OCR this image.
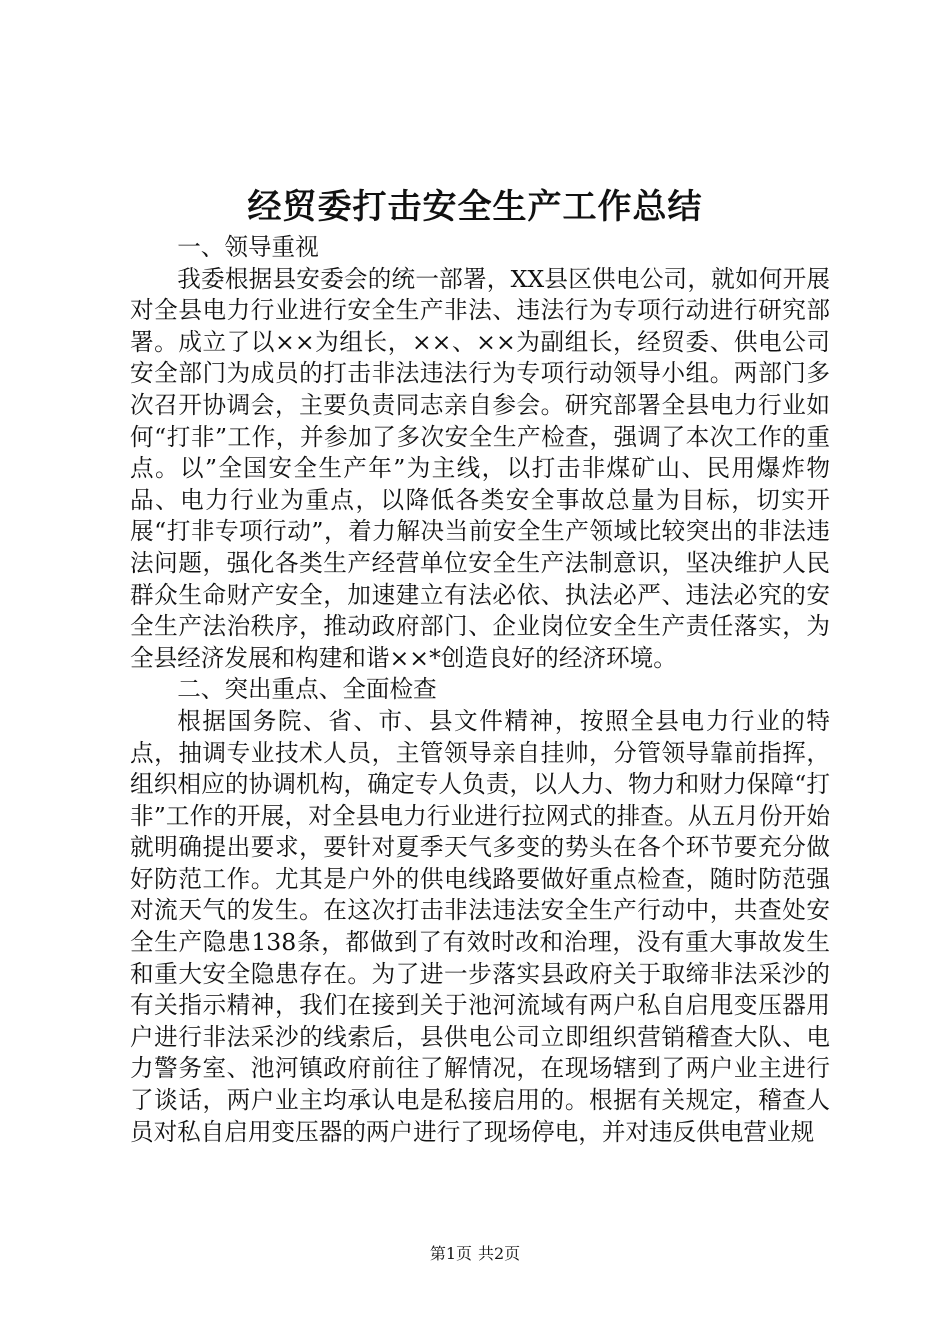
经贸委打击安全生产工作总结

一、领导重视

我委根据县安委会的统一部署，XX县区供电公司，就如何开展对全县电力行业进行安全生产非法、违法行为专项行动进行研究部署。成立了以××为组长，××、××为副组长，经贸委、供电公司安全部门为成员的打击非法违法行为专项行动领导小组。两部门多次召开协调会，主要负责同志亲自参会。研究部署全县电力行业如何“打非”工作，并参加了多次安全生产检查，强调了本次工作的重点。以”全国安全生产年”为主线，以打击非煤矿山、民用爆炸物品、电力行业为重点，以降低各类安全事故总量为目标，切实开展“打非专项行动”，着力解决当前安全生产领域比较突出的非法违法问题，强化各类生产经营单位安全生产法制意识，坚决维护人民群众生命财产安全，加速建立有法必依、执法必严、违法必究的安全生产法治秩序，推动政府部门、企业岗位安全生产责任落实，为全县经济发展和构建和谐××*创造良好的经济环境。

二、突出重点、全面检查

根据国务院、省、市、县文件精神，按照全县电力行业的特点，抽调专业技术人员，主管领导亲自挂帅，分管领导靠前指挥，组织相应的协调机构，确定专人负责，以人力、物力和财力保障“打非”工作的开展，对全县电力行业进行拉网式的排查。从五月份开始就明确提出要求，要针对夏季天气多变的势头在各个环节要充分做好防范工作。尤其是户外的供电线路要做好重点检查，随时防范强对流天气的发生。在这次打击非法违法安全生产行动中，共查处安全生产隐患138条，都做到了有效时改和治理，没有重大事故发生和重大安全隐患存在。为了进一步落实县政府关于取缔非法采沙的有关指示精神，我们在接到关于池河流域有两户私自启甩变压器用户进行非法采沙的线索后，县供电公司立即组织营销稽查大队、电力警务室、池河镇政府前往了解情况，在现场辖到了两户业主进行了谈话，两户业主均承认电是私接启用的。根据有关规定，稽查人员对私自启用变压器的两户进行了现场停电，并对违反供电营业规

第1页 共2页
